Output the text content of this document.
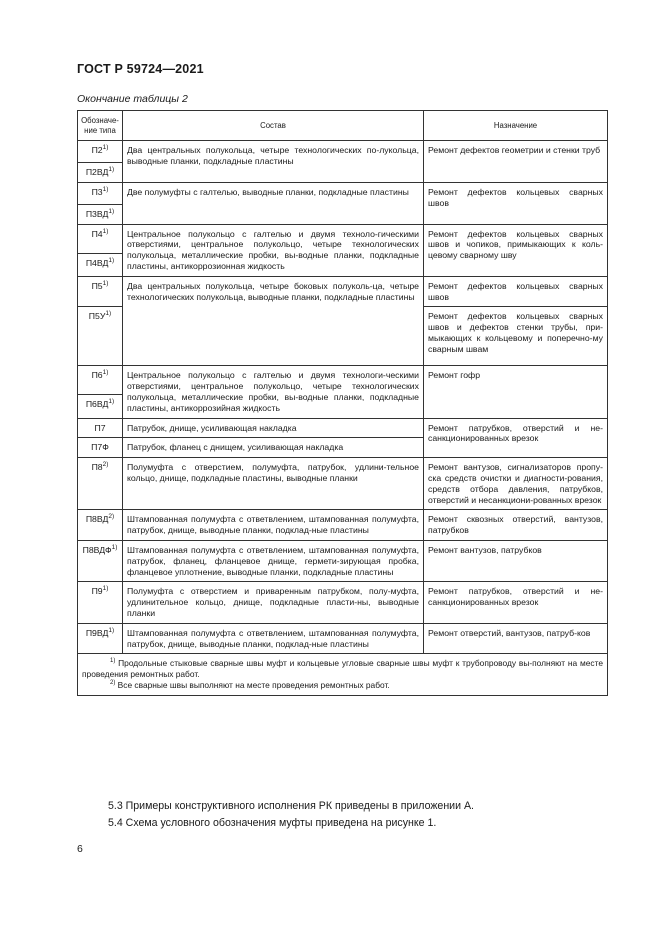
ГОСТ Р 59724—2021
Окончание таблицы 2
Обозначе-ние типа	Состав	Назначение
П2$^{1)}$	Два центральных полукольца, четыре технологических по-лукольца, выводные планки, подкладные пластины	Ремонт дефектов геометрии и стенки труб
П2ВД$^{1)}$
П3$^{1)}$	Две полумуфты с галтелью, выводные планки, подкладные пластины	Ремонт дефектов кольцевых сварных швов
П3ВД$^{1)}$
П4$^{1)}$	Центральное полукольцо с галтелью и двумя техноло-гическими отверстиями, центральное полукольцо, четыре технологических полукольца, металлические пробки, вы-водные планки, подкладные пластины, антикоррозионная жидкость	Ремонт дефектов кольцевых сварных швов и чопиков, примыкающих к коль-цевому сварному шву
П4ВД$^{1)}$
П5$^{1)}$	Два центральных полукольца, четыре боковых полуколь-ца, четыре технологических полукольца, выводные планки, подкладные пластины	Ремонт дефектов кольцевых сварных швов
$П5У^{1)}$		Ремонт дефектов кольцевых сварных швов и дефектов стенки трубы, при-мыкающих к кольцевому и поперечно-му сварным швам
П6$^{1)}$	Центральное полукольцо с галтелью и двумя технологи-ческими отверстиями, центральное полукольцо, четыре технологических полукольца, металлические пробки, вы-водные планки, подкладные пластины, антикоррозийная жидкость	Ремонт гофр
П6ВД$^{1)}$
П7	Патрубок, днище, усиливающая накладка	Ремонт патрубков, отверстий и не-санкционированных врезок
П7Ф	Патрубок, фланец с днищем, усиливающая накладка	
П8$^{2)}$	Полумуфта с отверстием, полумуфта, патрубок, удлини-тельное кольцо, днище, подкладные пластины, выводные планки	Ремонт вантузов, сигнализаторов пропу-ска средств очистки и диагности-рования, средств отбора давления, патрубков, отверстий и несанкциони-рованных врезок
П8ВД$^{2)}$	Штампованная полумуфта с ответвлением, штампованная полумуфта, патрубок, днище, выводные планки, подклад-ные пластины	Ремонт сквозных отверстий, вантузов, патрубков
П8ВДФ$^{1)}$	Штампованная полумуфта с ответвлением, штампованная полумуфта, патрубок, фланец, фланцевое днище, гермети-зирующая пробка, фланцевое уплотнение, выводные планки, подкладные пластины	Ремонт вантузов, патрубков
П9$^{1)}$	Полумуфта с отверстием и приваренным патрубком, полу-муфта, удлинительное кольцо, днище, подкладные пласти-ны, выводные планки	Ремонт патрубков, отверстий и не-санкционированных врезок
П9ВД$^{1)}$	Штампованная полумуфта с ответвлением, штампованная полумуфта, патрубок, днище, выводные планки, подклад-ные пластины	Ремонт отверстий, вантузов, патруб-ков

$^{1)}$ Продольные стыковые сварные швы муфт и кольцевые угловые сварные швы муфт к трубопроводу вы-полняют на месте проведения ремонтных работ.

$^{2)}$ Все сварные швы выполняют на месте проведения ремонтных работ.		

5.3 Примеры конструктивного исполнения РК приведены в приложении А.
5.4 Схема условного обозначения муфты приведена на рисунке 1.
6
